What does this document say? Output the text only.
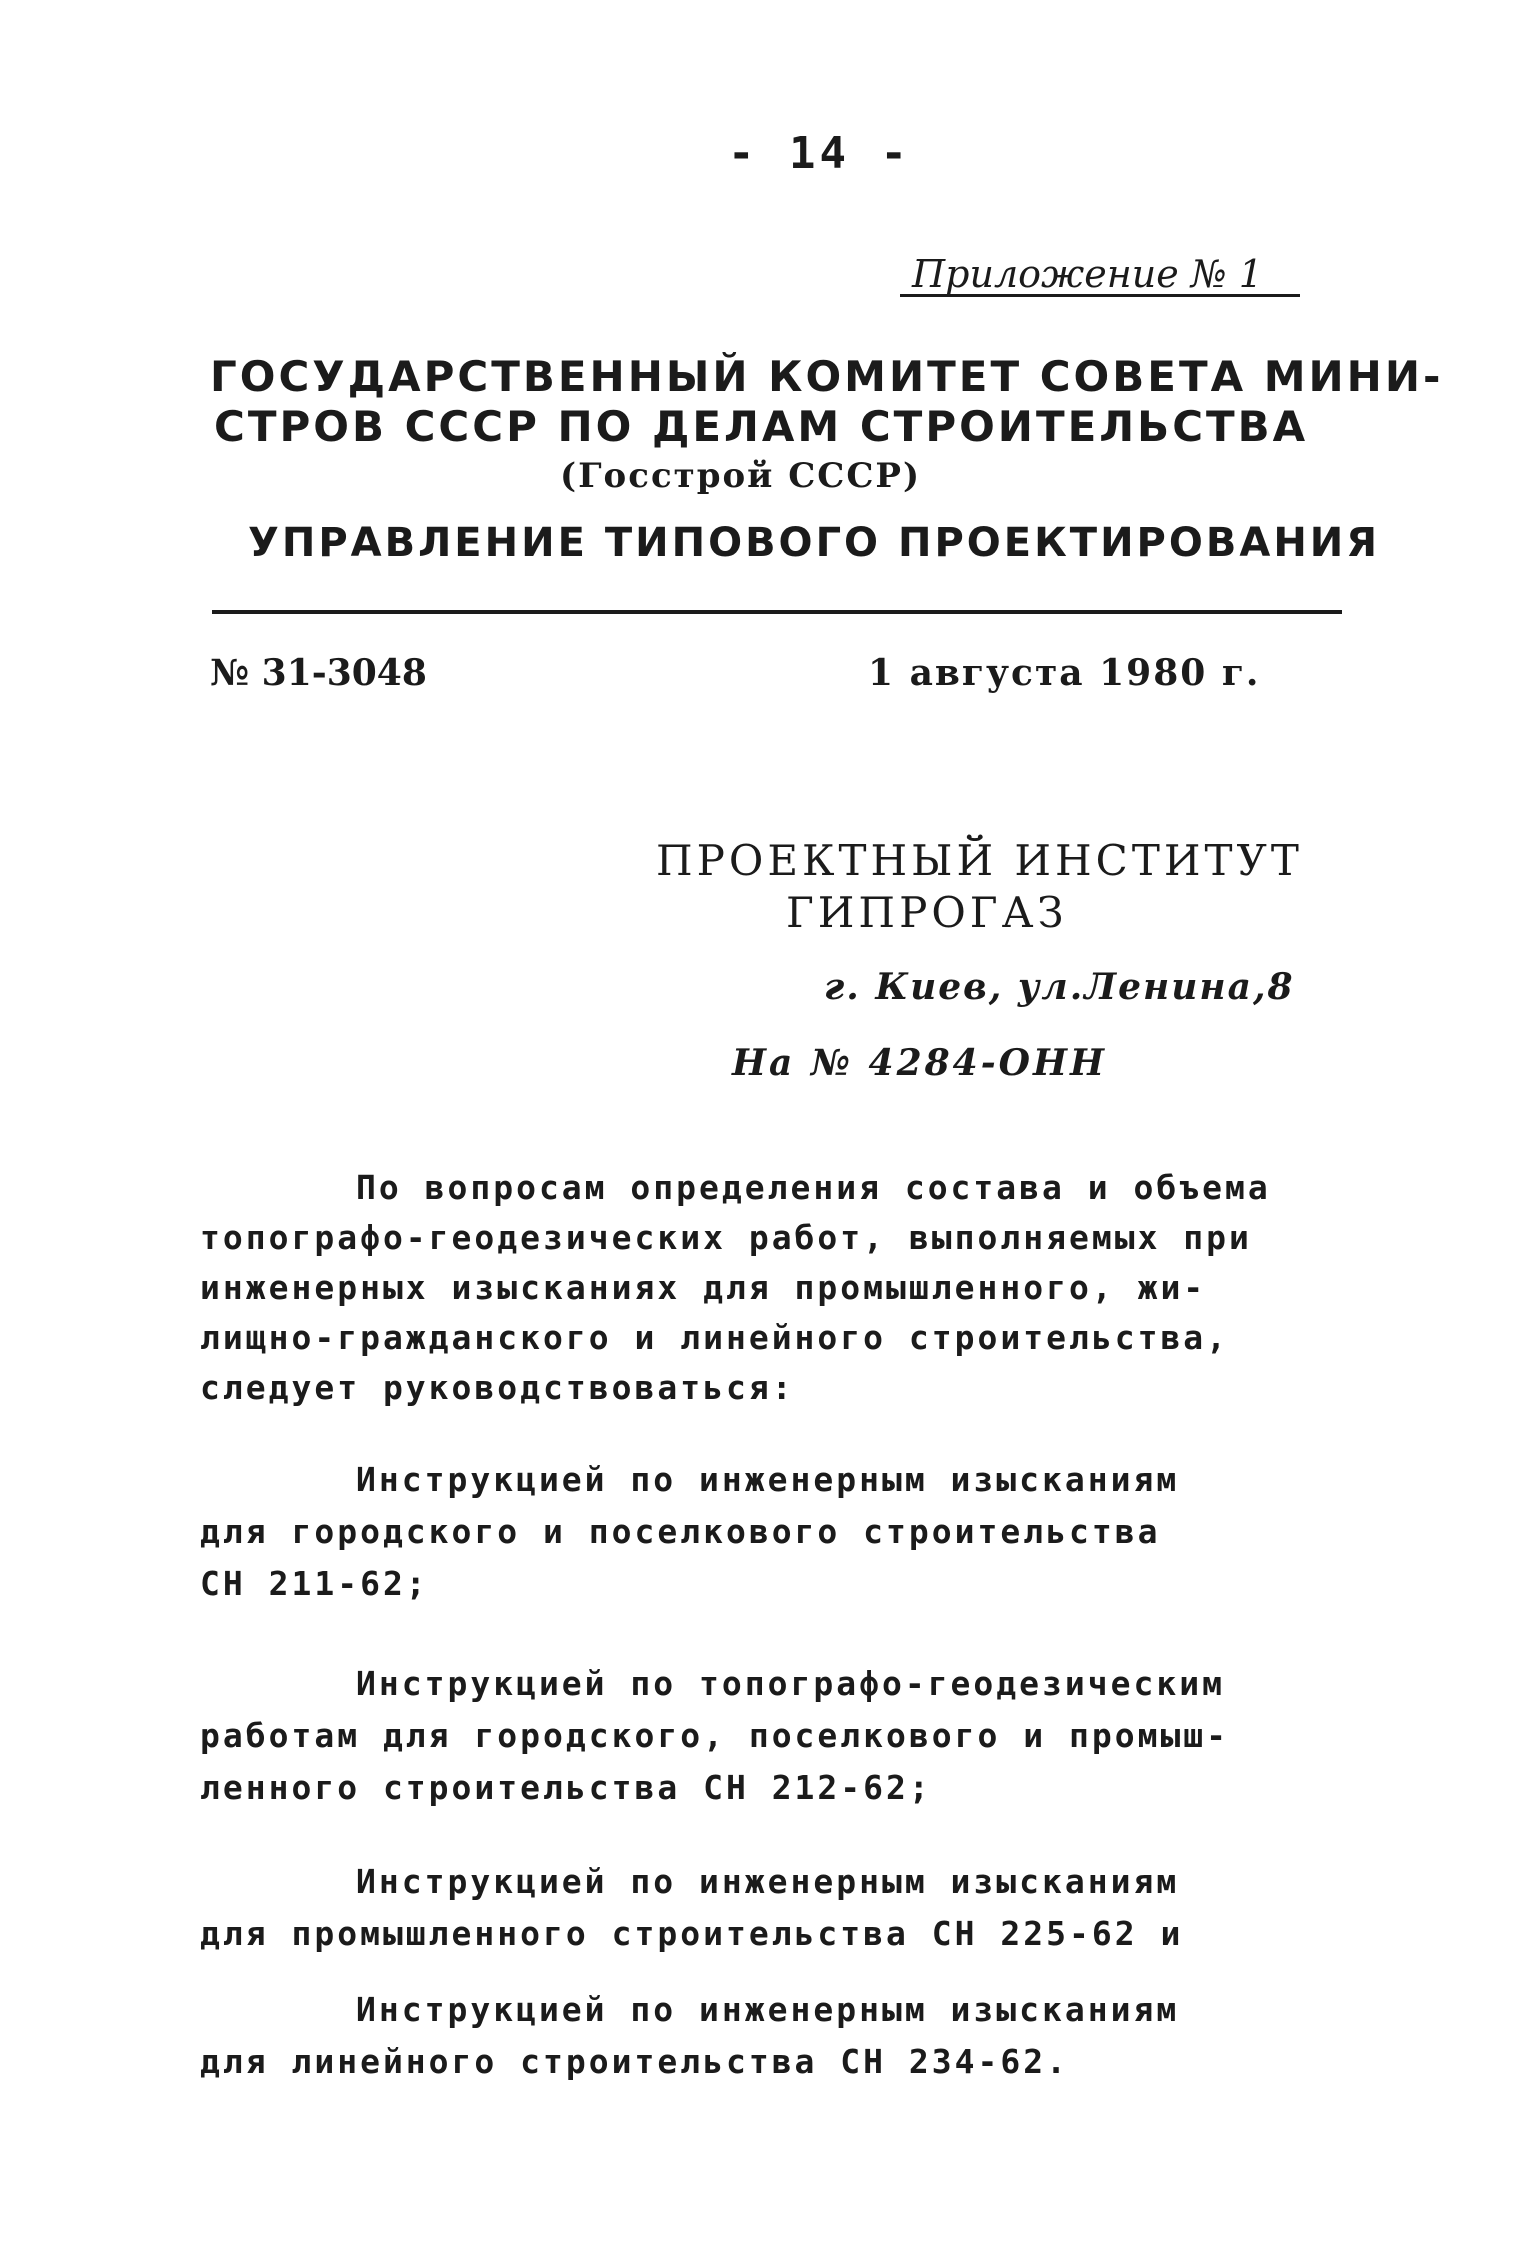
- 14 -
Приложение № 1
ГОСУДАРСТВЕННЫЙ КОМИТЕТ СОВЕТА МИНИ-
СТРОВ СССР ПО ДЕЛАМ СТРОИТЕЛЬСТВА
(Госстрой СССР)
УПРАВЛЕНИЕ ТИПОВОГО ПРОЕКТИРОВАНИЯ
№ 31-3048	1 августа 1980 г.
ПРОЕКТНЫЙ ИНСТИТУТ
ГИПРОГАЗ
г. Киев, ул.Ленина,8
На № 4284-ОНН
По вопросам определения состава и объема
топографо-геодезических работ, выполняемых при
инженерных изысканиях для промышленного, жи-
лищно-гражданского и линейного строительства,
следует руководствоваться:
Инструкцией по инженерным изысканиям
для городского и поселкового строительства
СН 211-62;
Инструкцией по топографо-геодезическим
работам для городского, поселкового и промыш-
ленного строительства СН 212-62;
Инструкцией по инженерным изысканиям
для промышленного строительства СН 225-62 и
Инструкцией по инженерным изысканиям
для линейного строительства СН 234-62.
